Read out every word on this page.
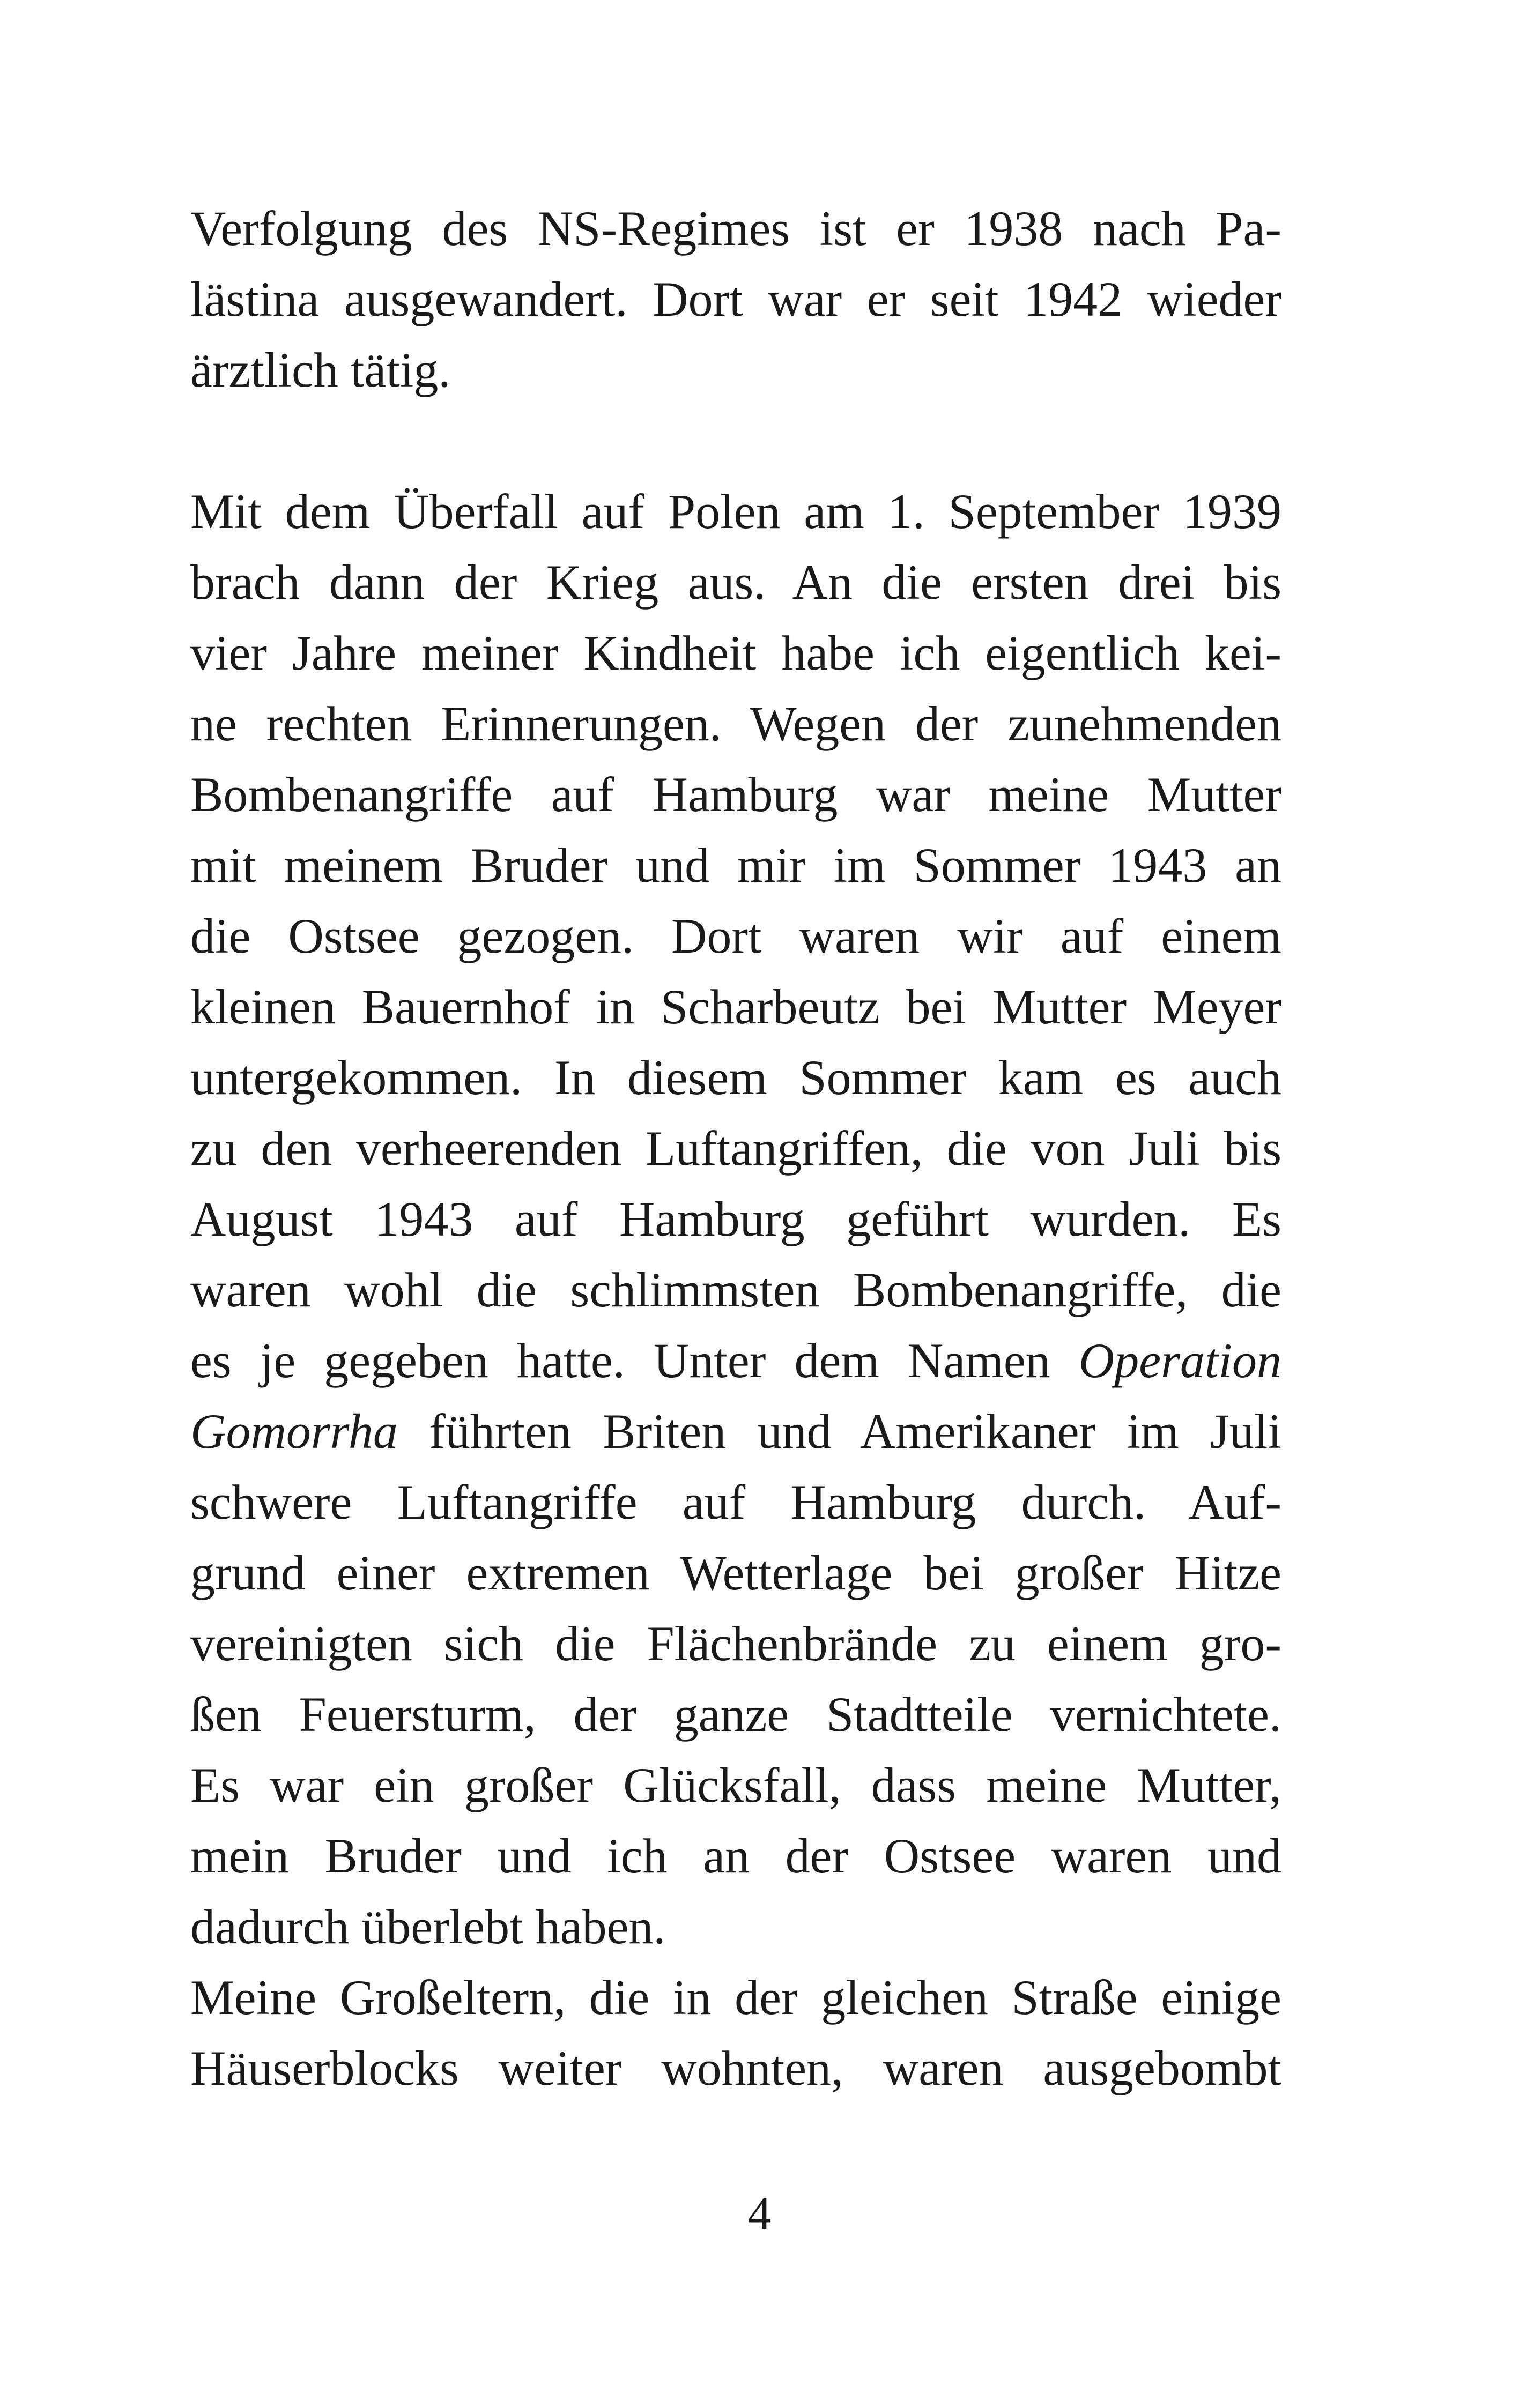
Verfolgung des NS-Regimes ist er 1938 nach Pa-
lästina ausgewandert. Dort war er seit 1942 wieder
ärztlich tätig.
Mit dem Überfall auf Polen am 1. September 1939
brach dann der Krieg aus. An die ersten drei bis
vier Jahre meiner Kindheit habe ich eigentlich kei-
ne rechten Erinnerungen. Wegen der zunehmenden
Bombenangriffe auf Hamburg war meine Mutter
mit meinem Bruder und mir im Sommer 1943 an
die Ostsee gezogen. Dort waren wir auf einem
kleinen Bauernhof in Scharbeutz bei Mutter Meyer
untergekommen. In diesem Sommer kam es auch
zu den verheerenden Luftangriffen, die von Juli bis
August 1943 auf Hamburg geführt wurden. Es
waren wohl die schlimmsten Bombenangriffe, die
es je gegeben hatte. Unter dem Namen Operation
Gomorrha führten Briten und Amerikaner im Juli
schwere Luftangriffe auf Hamburg durch. Auf-
grund einer extremen Wetterlage bei großer Hitze
vereinigten sich die Flächenbrände zu einem gro-
ßen Feuersturm, der ganze Stadtteile vernichtete.
Es war ein großer Glücksfall, dass meine Mutter,
mein Bruder und ich an der Ostsee waren und
dadurch überlebt haben.
Meine Großeltern, die in der gleichen Straße einige
Häuserblocks weiter wohnten, waren ausgebombt
4
